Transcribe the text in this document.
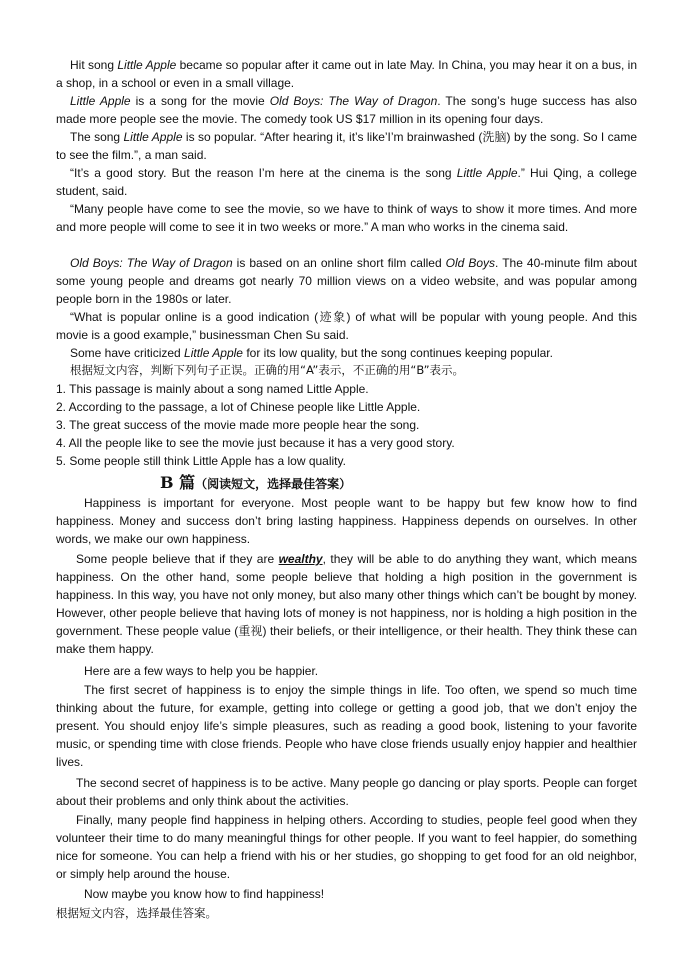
Hit song Little Apple became so popular after it came out in late May. In China, you may hear it on a bus, in a shop, in a school or even in a small village.
Little Apple is a song for the movie Old Boys: The Way of Dragon. The song’s huge success has also made more people see the movie. The comedy took US $17 million in its opening four days.
The song Little Apple is so popular. “After hearing it, it’s like’I’m brainwashed (洗脑) by the song. So I came to see the film.”, a man said.
“It’s a good story. But the reason I’m here at the cinema is the song Little Apple.” Hui Qing, a college student, said.
“Many people have come to see the movie, so we have to think of ways to show it more times. And more and more people will come to see it in two weeks or more.” A man who works in the cinema said.
Old Boys: The Way of Dragon is based on an online short film called Old Boys. The 40-minute film about some young people and dreams got nearly 70 million views on a video website, and was popular among people born in the 1980s or later.
“What is popular online is a good indication (迹象) of what will be popular with young people. And this movie is a good example,” businessman Chen Su said.
Some have criticized Little Apple for its low quality, but the song continues keeping popular.
根据短文内容，判断下列句子正误。正确的用“A”表示，不正确的用“B”表示。
1. This passage is mainly about a song named Little Apple.
2. According to the passage, a lot of Chinese people like Little Apple.
3. The great success of the movie made more people hear the song.
4. All the people like to see the movie just because it has a very good story.
5. Some people still think Little Apple has a low quality.
B 篇（阅读短文，选择最佳答案）
Happiness is important for everyone. Most people want to be happy but few know how to find happiness. Money and success don’t bring lasting happiness. Happiness depends on ourselves. In other words, we make our own happiness.
Some people believe that if they are wealthy, they will be able to do anything they want, which means happiness. On the other hand, some people believe that holding a high position in the government is happiness. In this way, you have not only money, but also many other things which can’t be bought by money. However, other people believe that having lots of money is not happiness, nor is holding a high position in the government. These people value (重视) their beliefs, or their intelligence, or their health. They think these can make them happy.
Here are a few ways to help you be happier.
The first secret of happiness is to enjoy the simple things in life. Too often, we spend so much time thinking about the future, for example, getting into college or getting a good job, that we don’t enjoy the present. You should enjoy life’s simple pleasures, such as reading a good book, listening to your favorite music, or spending time with close friends. People who have close friends usually enjoy happier and healthier lives.
The second secret of happiness is to be active. Many people go dancing or play sports. People can forget about their problems and only think about the activities.
Finally, many people find happiness in helping others. According to studies, people feel good when they volunteer their time to do many meaningful things for other people. If you want to feel happier, do something nice for someone. You can help a friend with his or her studies, go shopping to get food for an old neighbor, or simply help around the house.
Now maybe you know how to find happiness!
根据短文内容，选择最佳答案。
